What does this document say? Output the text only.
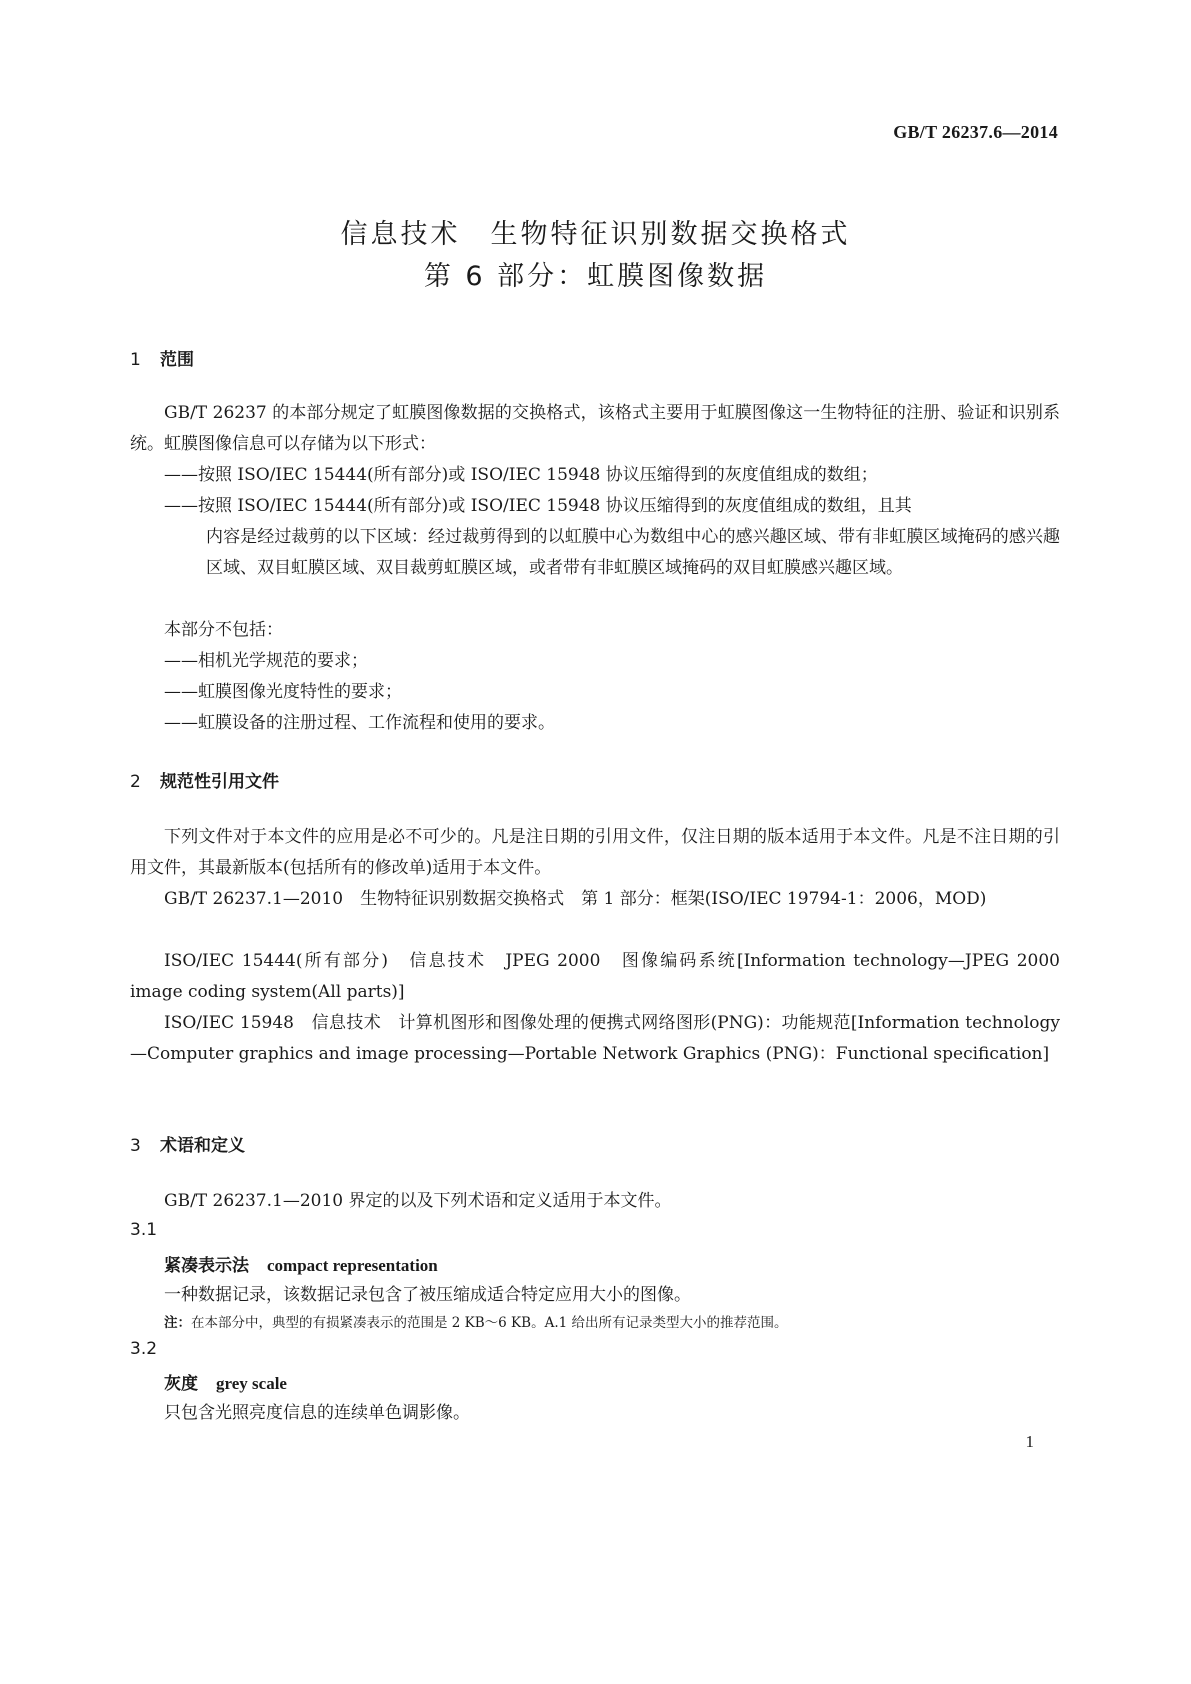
GB/T 26237.6—2014
信息技术　生物特征识别数据交换格式
第 6 部分：虹膜图像数据
1 范围
GB/T 26237 的本部分规定了虹膜图像数据的交换格式，该格式主要用于虹膜图像这一生物特征的注册、验证和识别系统。虹膜图像信息可以存储为以下形式：
——按照 ISO/IEC 15444(所有部分)或 ISO/IEC 15948 协议压缩得到的灰度值组成的数组；
——按照 ISO/IEC 15444(所有部分)或 ISO/IEC 15948 协议压缩得到的灰度值组成的数组，且其
内容是经过裁剪的以下区域：经过裁剪得到的以虹膜中心为数组中心的感兴趣区域、带有非虹膜区域掩码的感兴趣区域、双目虹膜区域、双目裁剪虹膜区域，或者带有非虹膜区域掩码的双目虹膜感兴趣区域。
本部分不包括：
——相机光学规范的要求；
——虹膜图像光度特性的要求；
——虹膜设备的注册过程、工作流程和使用的要求。
2 规范性引用文件
下列文件对于本文件的应用是必不可少的。凡是注日期的引用文件，仅注日期的版本适用于本文件。凡是不注日期的引用文件，其最新版本(包括所有的修改单)适用于本文件。
GB/T 26237.1—2010　生物特征识别数据交换格式　第 1 部分：框架(ISO/IEC 19794-1：2006，MOD)
ISO/IEC 15444(所有部分)　信息技术　JPEG 2000　图像编码系统[Information technology—JPEG 2000 image coding system(All parts)]
ISO/IEC 15948　信息技术　计算机图形和图像处理的便携式网络图形(PNG)：功能规范[Information technology—Computer graphics and image processing—Portable Network Graphics (PNG)：Functional specification]
3 术语和定义
GB/T 26237.1—2010 界定的以及下列术语和定义适用于本文件。
3.1
紧凑表示法 compact representation
一种数据记录，该数据记录包含了被压缩成适合特定应用大小的图像。
注：在本部分中，典型的有损紧凑表示的范围是 2 KB～6 KB。A.1 给出所有记录类型大小的推荐范围。
3.2
灰度 grey scale
只包含光照亮度信息的连续单色调影像。
1
